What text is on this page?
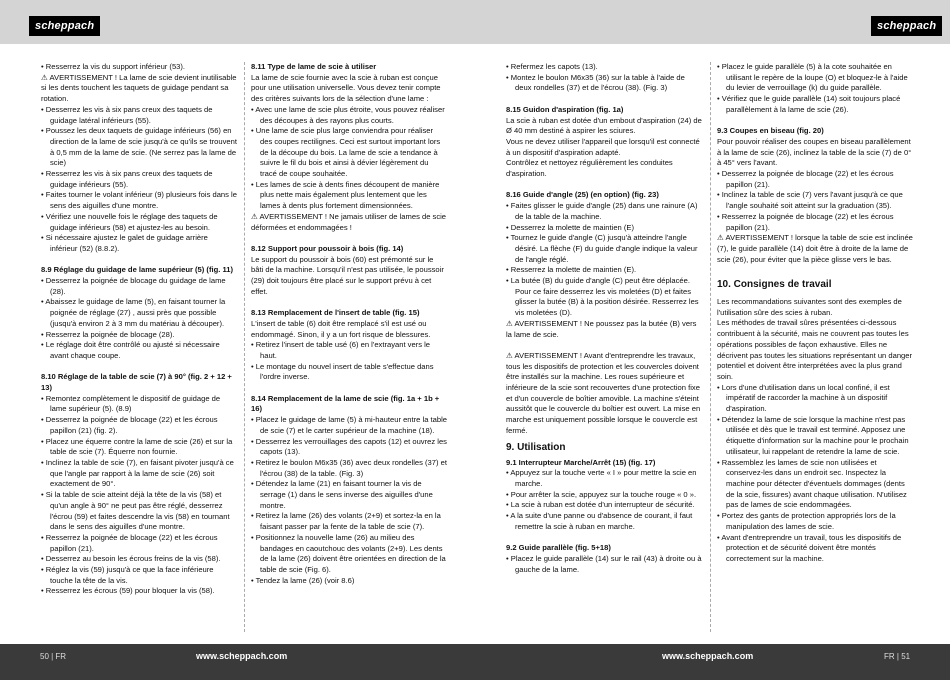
scheppach	scheppach

• Resserrez la vis du support inférieur (53).

⚠ AVERTISSEMENT ! La lame de scie devient inutilisable si les dents touchent les taquets de guidage pendant sa rotation.

• Desserrez les vis à six pans creux des taquets de guidage latéral inférieurs (55).

• Poussez les deux taquets de guidage inférieurs (56) en direction de la lame de scie jusqu'à ce qu'ils se trouvent à 0,5 mm de la lame de scie. (Ne serrez pas la lame de scie)

• Resserrez les vis à six pans creux des taquets de guidage inférieurs (55).

• Faites tourner le volant inférieur (9) plusieurs fois dans le sens des aiguilles d'une montre.

• Vérifiez une nouvelle fois le réglage des taquets de guidage inférieurs (58) et ajustez-les au besoin.

• Si nécessaire ajustez le galet de guidage arrière inférieur (52) (8.8.2).

8.9 Réglage du guidage de lame supérieur (5) (fig. 11)

• Desserrez la poignée de blocage du guidage de lame (28).

• Abaissez le guidage de lame (5), en faisant tourner la poignée de réglage (27) , aussi près que possible (jusqu'à environ 2 à 3 mm du matériau à découper).

• Resserrez la poignée de blocage (28).

• Le réglage doit être contrôlé ou ajusté si nécessaire avant chaque coupe.

8.10 Réglage de la table de scie (7) à 90° (fig. 2 + 12 + 13)

• Remontez complètement le dispositif de guidage de lame supérieur (5). (8.9)

• Desserrez la poignée de blocage (22) et les écrous papillon (21) (fig. 2).

• Placez une équerre contre la lame de scie (26) et sur la table de scie (7). Équerre non fournie.

• Inclinez la table de scie (7), en faisant pivoter jusqu'à ce que l'angle par rapport à la lame de scie (26) soit exactement de 90°.

• Si la table de scie atteint déjà la tête de la vis (58) et qu'un angle à 90° ne peut pas être réglé, desserrez l'écrou (59) et faites descendre la vis (58) en tournant dans le sens des aiguilles d'une montre.

• Resserrez la poignée de blocage (22) et les écrous papillon (21).

• Desserrez au besoin les écrous freins de la vis (58).

• Réglez la vis (59) jusqu'à ce que la face inférieure touche la tête de la vis.

• Resserrez les écrous (59) pour bloquer la vis (58).

8.11 Type de lame de scie à utiliser

La lame de scie fournie avec la scie à ruban est conçue pour une utilisation universelle. Vous devez tenir compte des critères suivants lors de la sélection d'une lame :

• Avec une lame de scie plus étroite, vous pouvez réaliser des découpes à des rayons plus courts.

• Une lame de scie plus large conviendra pour réaliser des coupes rectilignes. Ceci est surtout important lors de la découpe du bois. La lame de scie a tendance à suivre le fil du bois et ainsi à dévier légèrement du tracé de coupe souhaitée.

• Les lames de scie à dents fines découpent de manière plus nette mais également plus lentement que les lames à dents plus fortement dimensionnées.

⚠ AVERTISSEMENT ! Ne jamais utiliser de lames de scie déformées et endommagées !

8.12 Support pour poussoir à bois (fig. 14)

Le support du poussoir à bois (60) est prémonté sur le bâti de la machine. Lorsqu'il n'est pas utilisée, le poussoir (29) doit toujours être placé sur le support prévu à cet effet.

8.13 Remplacement de l'insert de table (fig. 15)

L'insert de table (6) doit être remplacé s'il est usé ou endommagé. Sinon, il y a un fort risque de blessures.

• Retirez l'insert de table usé (6) en l'extrayant vers le haut.

• Le montage du nouvel insert de table s'effectue dans l'ordre inverse.

8.14 Remplacement de la lame de scie (fig. 1a + 1b + 16)

• Placez le guidage de lame (5) à mi-hauteur entre la table de scie (7) et le carter supérieur de la machine (18).

• Desserrez les verrouillages des capots (12) et ouvrez les capots (13).

• Retirez le boulon M6x35 (36) avec deux rondelles (37) et l'écrou (38) de la table. (Fig. 3)

• Détendez la lame (21) en faisant tourner la vis de serrage (1) dans le sens inverse des aiguilles d'une montre.

• Retirez la lame (26) des volants (2+9) et sortez-la en la faisant passer par la fente de la table de scie (7).

• Positionnez la nouvelle lame (26) au milieu des bandages en caoutchouc des volants (2+9). Les dents de la lame (26) doivent être orientées en direction de la table de scie (Fig. 6).

• Tendez la lame (26) (voir 8.6)

• Refermez les capots (13).

• Montez le boulon M6x35 (36) sur la table à l'aide de deux rondelles (37) et de l'écrou (38). (Fig. 3)

8.15 Guidon d'aspiration (fig. 1a)

La scie à ruban est dotée d'un embout d'aspiration (24) de Ø 40 mm destiné à aspirer les sciures.

Vous ne devez utiliser l'appareil que lorsqu'il est connecté à un dispositif d'aspiration adapté.

Contrôlez et nettoyez régulièrement les conduites d'aspiration.

8.16 Guide d'angle (25) (en option) (fig. 23)

• Faites glisser le guide d'angle (25) dans une rainure (A) de la table de la machine.

• Desserrez la molette de maintien (E)

• Tournez le guide d'angle (C) jusqu'à atteindre l'angle désiré. La flèche (F) du guide d'angle indique la valeur de l'angle réglé.

• Resserrez la molette de maintien (E).

• La butée (B) du guide d'angle (C) peut être déplacée. Pour ce faire desserrez les vis moletées (D) et faites glisser la butée (B) à la position désirée. Resserrez les vis moletées (D).

⚠ AVERTISSEMENT ! Ne poussez pas la butée (B) vers la lame de scie.

⚠ AVERTISSEMENT ! Avant d'entreprendre les travaux, tous les dispositifs de protection et les couvercles doivent être installés sur la machine. Les roues supérieure et inférieure de la scie sont recouvertes d'une protection fixe et d'un couvercle de boîtier amovible. La machine s'éteint aussitôt que le couvercle du boîtier est ouvert. La mise en marche est uniquement possible lorsque le couvercle est fermé.

9. Utilisation

9.1 Interrupteur Marche/Arrêt (15) (fig. 17)

• Appuyez sur la touche verte « I » pour mettre la scie en marche.

• Pour arrêter la scie, appuyez sur la touche rouge « 0 ».

• La scie à ruban est dotée d'un interrupteur de sécurité.

• A la suite d'une panne ou d'absence de courant, il faut remettre la scie à ruban en marche.

9.2 Guide parallèle (fig. 5+18)

• Placez le guide parallèle (14) sur le rail (43) à droite ou à gauche de la lame.

• Placez le guide parallèle (5) à la cote souhaitée en utilisant le repère de la loupe (O) et bloquez-le à l'aide du levier de verrouillage (k) du guide parallèle.

• Vérifiez que le guide parallèle (14) soit toujours placé parallèlement à la lame de scie (26).

9.3 Coupes en biseau (fig. 20)

Pour pouvoir réaliser des coupes en biseau parallèlement à la lame de scie (26), inclinez la table de la scie (7) de 0° à 45° vers l'avant.

• Desserrez la poignée de blocage (22) et les écrous papillon (21).

• Inclinez la table de scie (7) vers l'avant jusqu'à ce que l'angle souhaité soit atteint sur la graduation (35).

• Resserrez la poignée de blocage (22) et les écrous papillon (21).

⚠ AVERTISSEMENT ! lorsque la table de scie est inclinée (7), le guide parallèle (14) doit être à droite de la lame de scie (26), pour éviter que la pièce glisse vers le bas.

10. Consignes de travail

Les recommandations suivantes sont des exemples de l'utilisation sûre des scies à ruban.

Les méthodes de travail sûres présentées ci-dessous contribuent à la sécurité, mais ne couvrent pas toutes les opérations possibles de façon exhaustive. Elles ne décrivent pas toutes les situations représentant un danger potentiel et doivent être interprétées avec la plus grand soin.

• Lors d'une d'utilisation dans un local confiné, il est impératif de raccorder la machine à un dispositif d'aspiration.

• Détendez la lame de scie lorsque la machine n'est pas utilisée et dès que le travail est terminé. Apposez une étiquette d'information sur la machine pour le prochain utilisateur, lui rappelant de retendre la lame de scie.

• Rassemblez les lames de scie non utilisées et conservez-les dans un endroit sec. Inspectez la machine pour détecter d'éventuels dommages (dents de la scie, fissures) avant chaque utilisation. N'utilisez pas de lames de scie endommagées.

• Portez des gants de protection appropriés lors de la manipulation des lames de scie.

• Avant d'entreprendre un travail, tous les dispositifs de protection et de sécurité doivent être montés correctement sur la machine.

50 | FR	www.scheppach.com	www.scheppach.com	FR | 51
